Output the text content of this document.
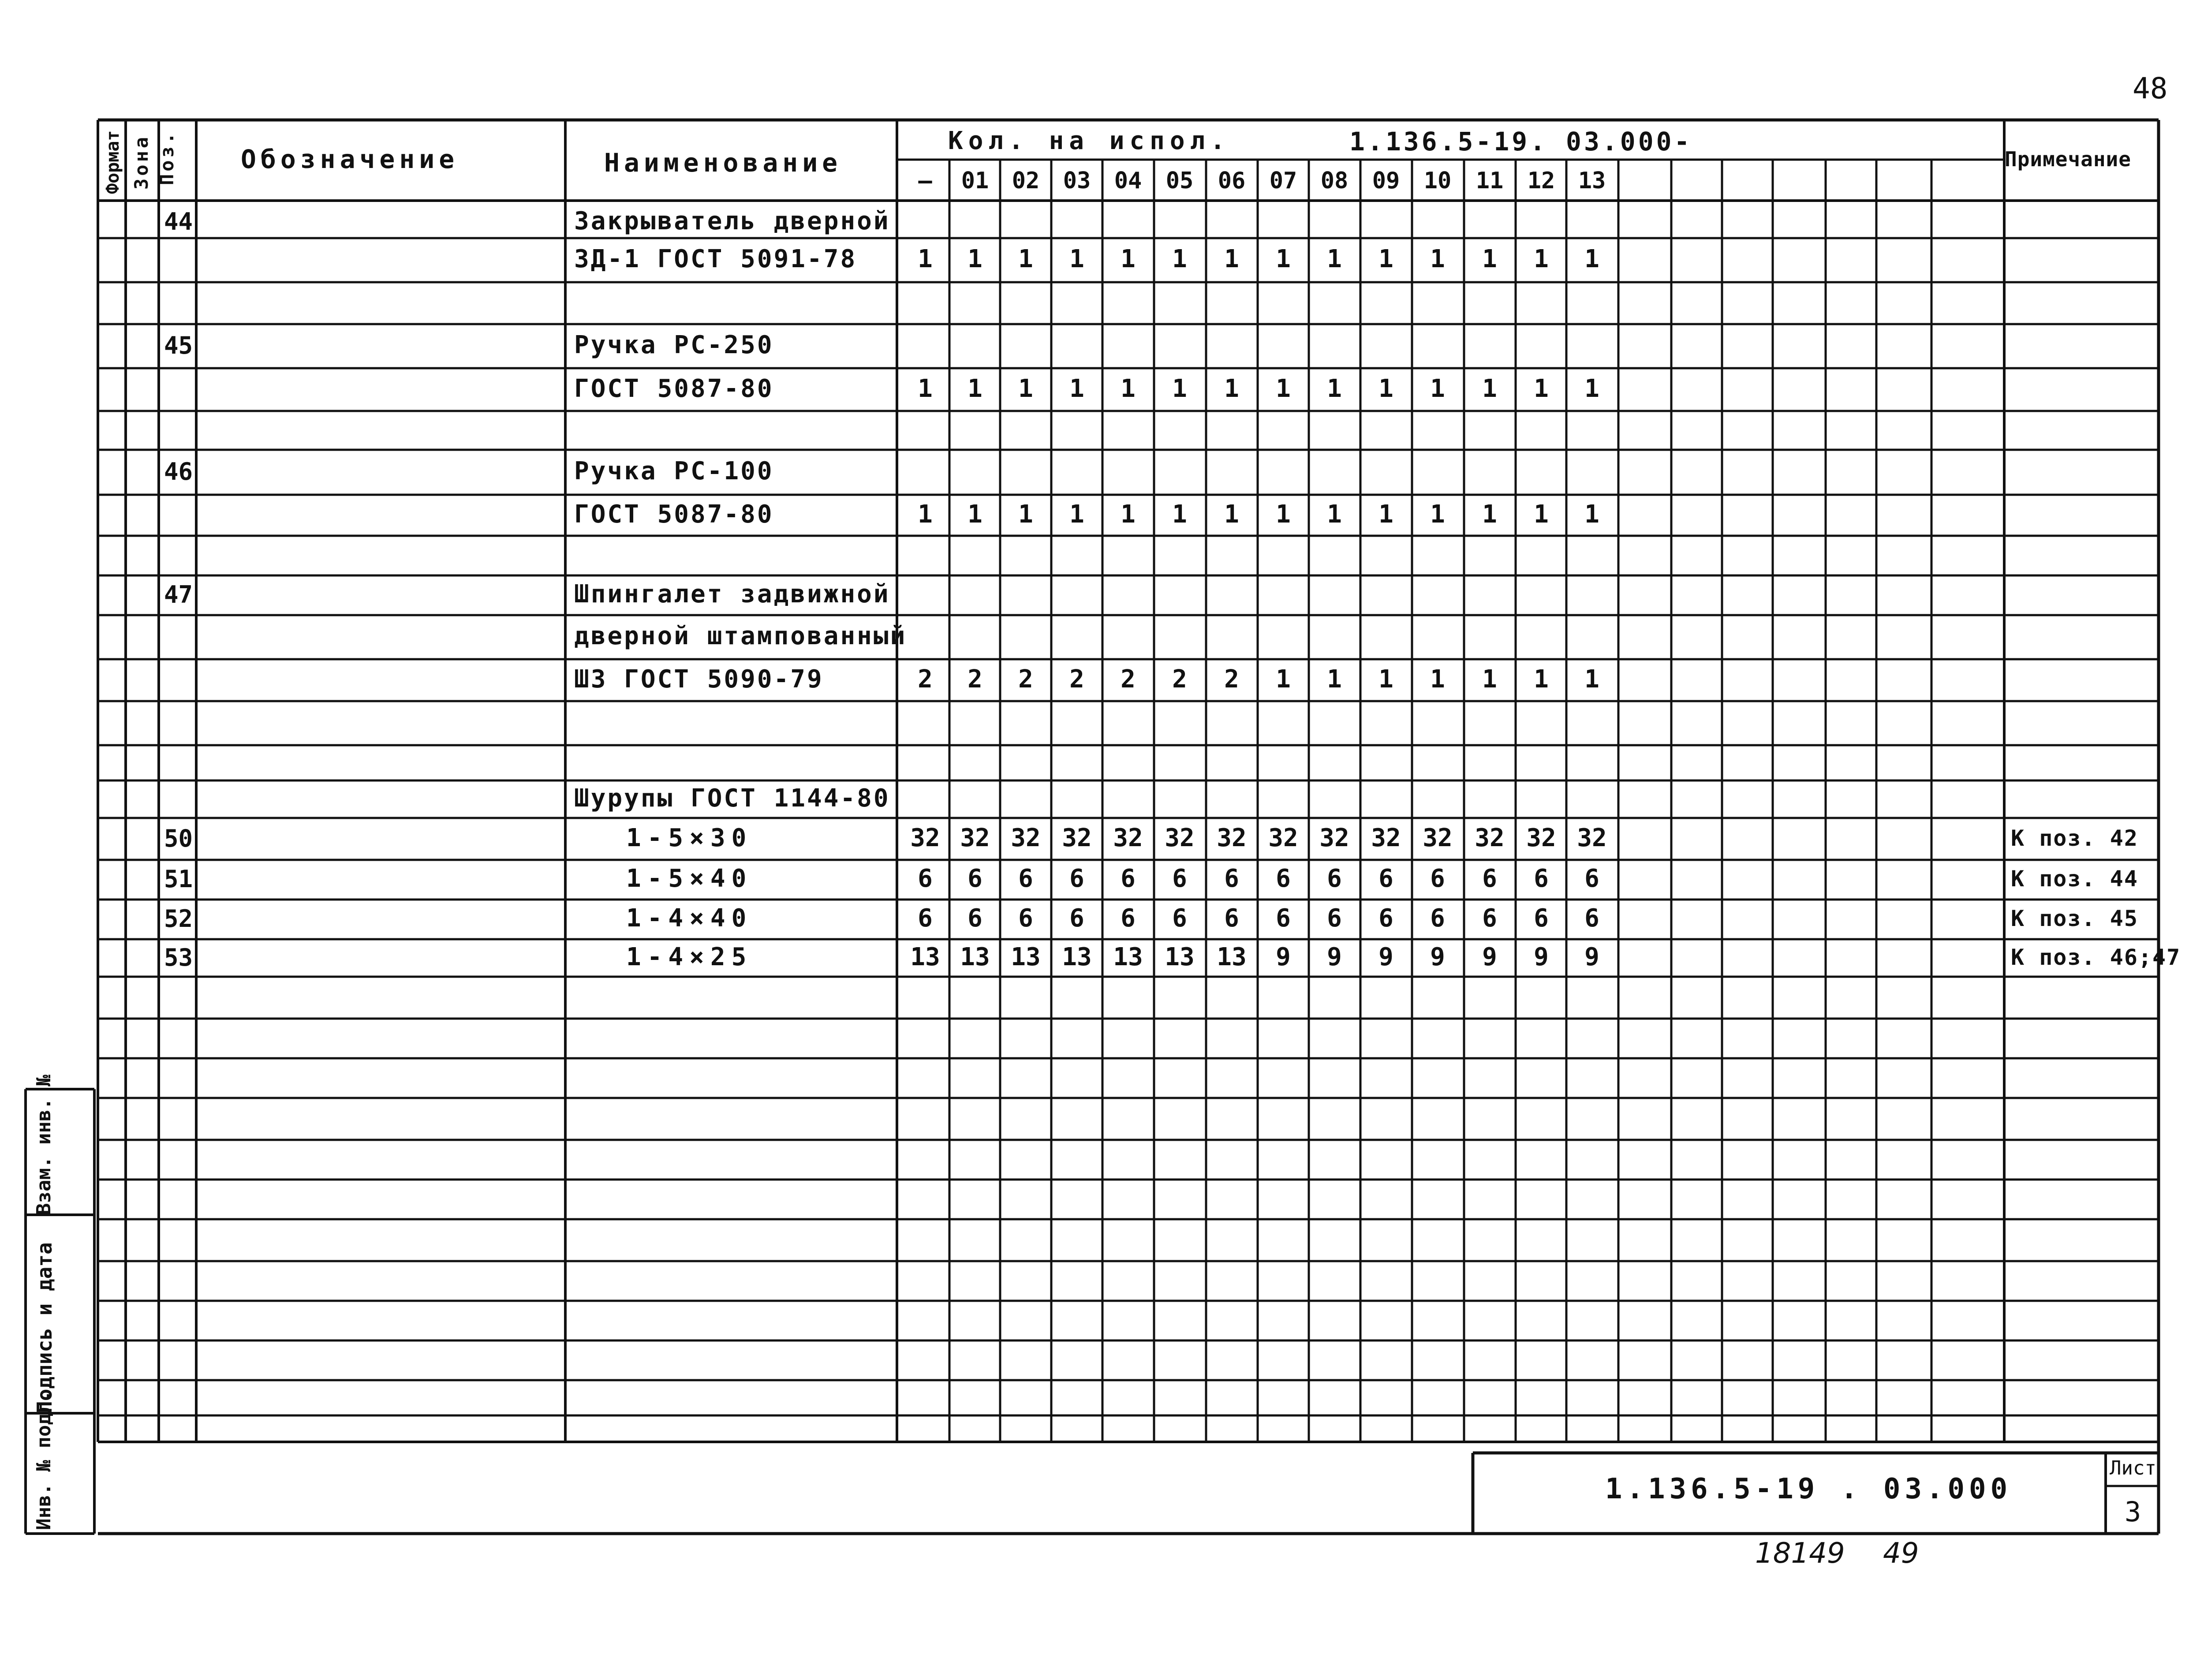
48
Формат Зона Поз. Обозначение	Наименование
Кол. на испол.	1.136.5-19. 03.000-
Примечание
— 01 02 03 04 05 06 07 08 09 10 11 12 13
44	Закрыватель дверной
ЗД-1 ГОСТ 5091-78 1 1 1 1 1 1 1 1 1 1 1 1 1 1
45	Ручка РС-250
ГОСТ 5087-80	1 1 1 1 1 1 1 1 1 1 1 1 1 1
46	Ручка РС-100
ГОСТ 5087-80	1 1 1 1 1 1 1 1 1 1 1 1 1 1
47	Шпингалет задвижной
дверной штампованный
ШЗ ГОСТ 5090-79	2 2 2 2 2 2 2 1 1 1 1 1 1 1
Шурупы ГОСТ 1144-80
50	1-5×30	32 32 32 32 32 32 32 32 32 32 32 32 32 32	К поз. 42
51	1-5×40	6 6 6 6 6 6 6 6 6 6 6 6 6 6	К поз. 44
52	1-4×40	6 6 6 6 6 6 6 6 6 6 6 6 6 6	К поз. 45
53	1-4×25	13 13 13 13 13 13 13 9 9 9 9 9 9 9	К поз. 46;47
Инв. № подл.
Подпись и дата
Взам. инв. №
1.136.5-19 . 03.000
Лист
3
18149 49
